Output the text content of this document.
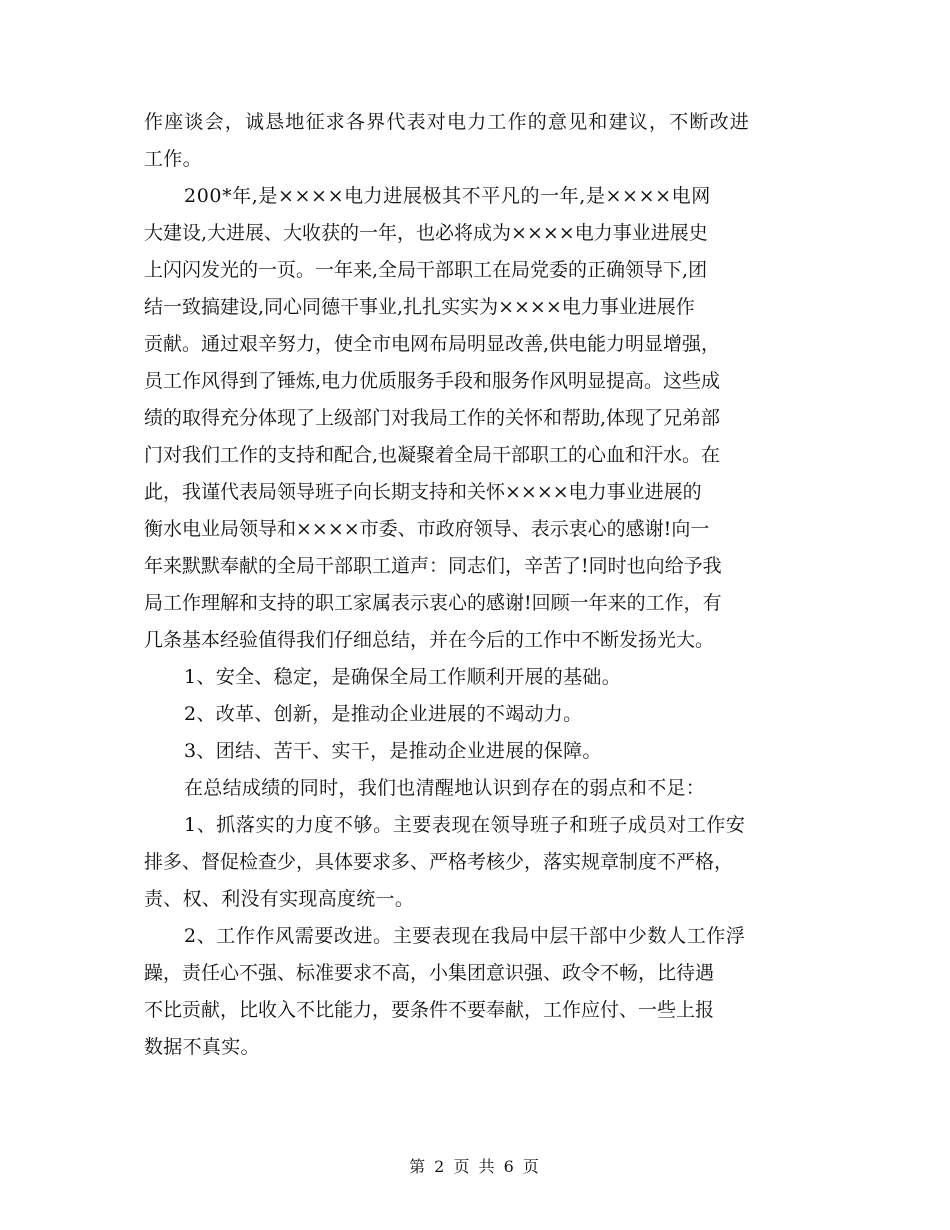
作座谈会，诚恳地征求各界代表对电力工作的意见和建议，不断改进
工作。
200*年,是××××电力进展极其不平凡的一年,是××××电网
大建设,大进展、大收获的一年，也必将成为××××电力事业进展史
上闪闪发光的一页。一年来,全局干部职工在局党委的正确领导下,团
结一致搞建设,同心同德干事业,扎扎实实为××××电力事业进展作
贡献。通过艰辛努力，使全市电网布局明显改善,供电能力明显增强，
员工作风得到了锤炼,电力优质服务手段和服务作风明显提高。这些成
绩的取得充分体现了上级部门对我局工作的关怀和帮助,体现了兄弟部
门对我们工作的支持和配合,也凝聚着全局干部职工的心血和汗水。在
此，我谨代表局领导班子向长期支持和关怀××××电力事业进展的
衡水电业局领导和××××市委、市政府领导、表示衷心的感谢!向一
年来默默奉献的全局干部职工道声：同志们，辛苦了!同时也向给予我
局工作理解和支持的职工家属表示衷心的感谢!回顾一年来的工作，有
几条基本经验值得我们仔细总结，并在今后的工作中不断发扬光大。
1、安全、稳定，是确保全局工作顺利开展的基础。
2、改革、创新，是推动企业进展的不竭动力。
3、团结、苦干、实干，是推动企业进展的保障。
在总结成绩的同时，我们也清醒地认识到存在的弱点和不足：
1、抓落实的力度不够。主要表现在领导班子和班子成员对工作安
排多、督促检查少，具体要求多、严格考核少，落实规章制度不严格，
责、权、利没有实现高度统一。
2、工作作风需要改进。主要表现在我局中层干部中少数人工作浮
躁，责任心不强、标准要求不高，小集团意识强、政令不畅，比待遇
不比贡献，比收入不比能力，要条件不要奉献，工作应付、一些上报
数据不真实。
第 2 页 共 6 页
